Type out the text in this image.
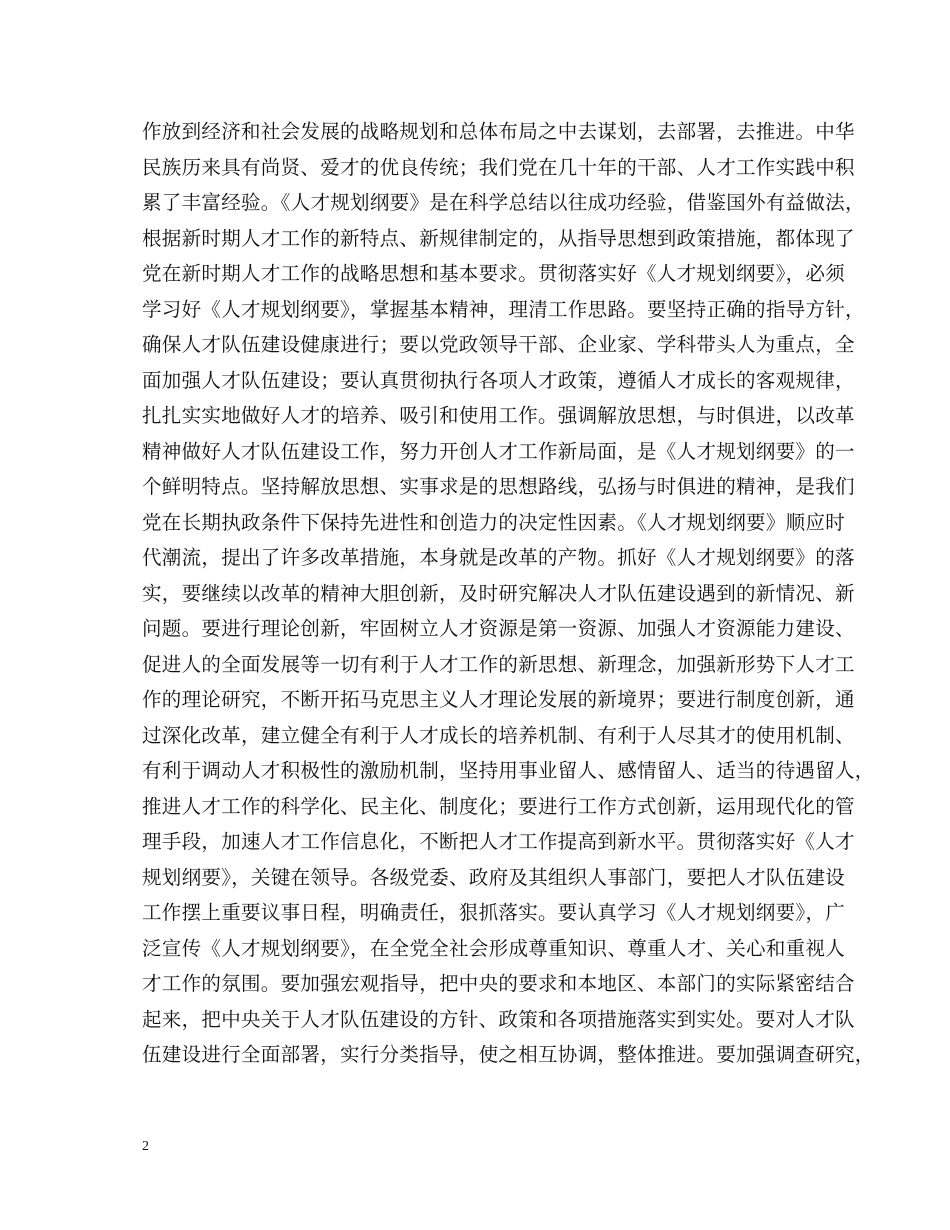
作放到经济和社会发展的战略规划和总体布局之中去谋划，去部署，去推进。中华
民族历来具有尚贤、爱才的优良传统；我们党在几十年的干部、人才工作实践中积
累了丰富经验。《人才规划纲要》是在科学总结以往成功经验，借鉴国外有益做法，
根据新时期人才工作的新特点、新规律制定的，从指导思想到政策措施，都体现了
党在新时期人才工作的战略思想和基本要求。贯彻落实好《人才规划纲要》，必须
学习好《人才规划纲要》，掌握基本精神，理清工作思路。要坚持正确的指导方针，
确保人才队伍建设健康进行；要以党政领导干部、企业家、学科带头人为重点，全
面加强人才队伍建设；要认真贯彻执行各项人才政策，遵循人才成长的客观规律，
扎扎实实地做好人才的培养、吸引和使用工作。强调解放思想，与时俱进，以改革
精神做好人才队伍建设工作，努力开创人才工作新局面，是《人才规划纲要》的一
个鲜明特点。坚持解放思想、实事求是的思想路线，弘扬与时俱进的精神，是我们
党在长期执政条件下保持先进性和创造力的决定性因素。《人才规划纲要》顺应时
代潮流，提出了许多改革措施，本身就是改革的产物。抓好《人才规划纲要》的落
实，要继续以改革的精神大胆创新，及时研究解决人才队伍建设遇到的新情况、新
问题。要进行理论创新，牢固树立人才资源是第一资源、加强人才资源能力建设、
促进人的全面发展等一切有利于人才工作的新思想、新理念，加强新形势下人才工
作的理论研究，不断开拓马克思主义人才理论发展的新境界；要进行制度创新，通
过深化改革，建立健全有利于人才成长的培养机制、有利于人尽其才的使用机制、
有利于调动人才积极性的激励机制，坚持用事业留人、感情留人、适当的待遇留人，
推进人才工作的科学化、民主化、制度化；要进行工作方式创新，运用现代化的管
理手段，加速人才工作信息化，不断把人才工作提高到新水平。贯彻落实好《人才
规划纲要》，关键在领导。各级党委、政府及其组织人事部门，要把人才队伍建设
工作摆上重要议事日程，明确责任，狠抓落实。要认真学习《人才规划纲要》，广
泛宣传《人才规划纲要》，在全党全社会形成尊重知识、尊重人才、关心和重视人
才工作的氛围。要加强宏观指导，把中央的要求和本地区、本部门的实际紧密结合
起来，把中央关于人才队伍建设的方针、政策和各项措施落实到实处。要对人才队
伍建设进行全面部署，实行分类指导，使之相互协调，整体推进。要加强调查研究，
2
